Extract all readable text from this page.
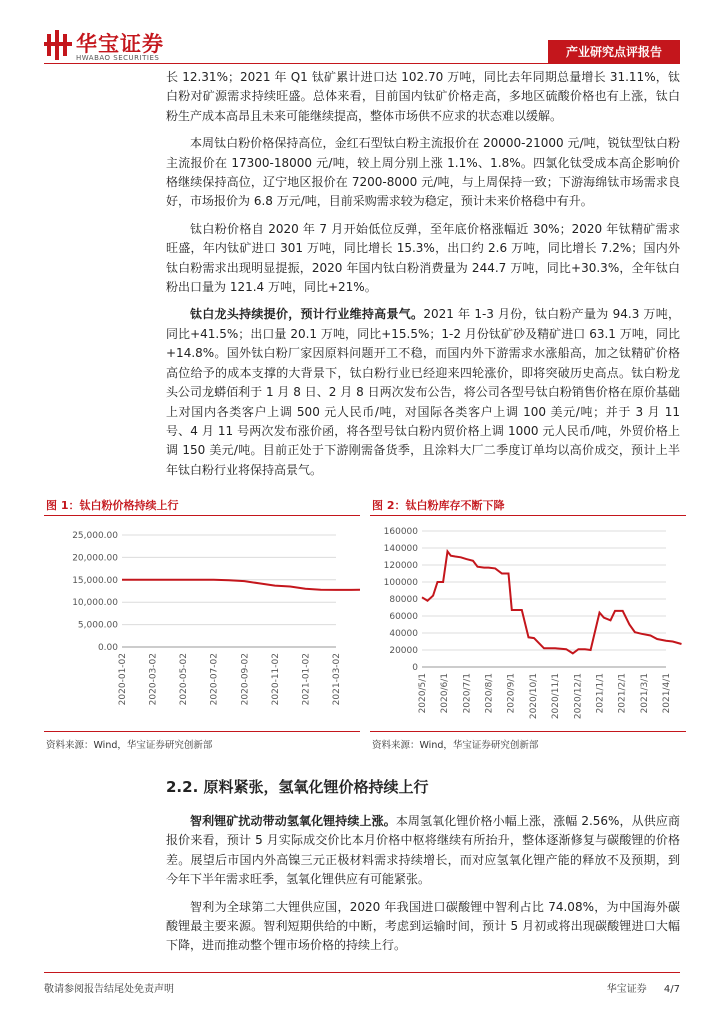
华宝证券
HWABAO SECURITIES	产业研究点评报告

长 12.31%；2021 年 Q1 钛矿累计进口达 102.70 万吨，同比去年同期总量增长 31.11%，钛白粉对矿源需求持续旺盛。总体来看，目前国内钛矿价格走高，多地区硫酸价格也有上涨，钛白粉生产成本高昂且未来可能继续提高，整体市场供不应求的状态难以缓解。

本周钛白粉价格保持高位，金红石型钛白粉主流报价在 20000-21000 元/吨，锐钛型钛白粉主流报价在 17300-18000 元/吨，较上周分别上涨 1.1%、1.8%。四氯化钛受成本高企影响价格继续保持高位，辽宁地区报价在 7200-8000 元/吨，与上周保持一致；下游海绵钛市场需求良好，市场报价为 6.8 万元/吨，目前采购需求较为稳定，预计未来价格稳中有升。

钛白粉价格自 2020 年 7 月开始低位反弹，至年底价格涨幅近 30%；2020 年钛精矿需求旺盛，年内钛矿进口 301 万吨，同比增长 15.3%，出口约 2.6 万吨，同比增长 7.2%；国内外钛白粉需求出现明显提振，2020 年国内钛白粉消费量为 244.7 万吨，同比+30.3%，全年钛白粉出口量为 121.4 万吨，同比+21%。

钛白龙头持续提价，预计行业维持高景气。2021 年 1-3 月份，钛白粉产量为 94.3 万吨，同比+41.5%；出口量 20.1 万吨，同比+15.5%；1-2 月份钛矿砂及精矿进口 63.1 万吨，同比+14.8%。国外钛白粉厂家因原料问题开工不稳，而国内外下游需求水涨船高，加之钛精矿价格高位给予的成本支撑的大背景下，钛白粉行业已经迎来四轮涨价，即将突破历史高点。钛白粉龙头公司龙蟒佰利于 1 月 8 日、2 月 8 日两次发布公告，将公司各型号钛白粉销售价格在原价基础上对国内各类客户上调 500 元人民币/吨，对国际各类客户上调 100 美元/吨；并于 3 月 11 号、4 月 11 号两次发布涨价函，将各型号钛白粉内贸价格上调 1000 元人民币/吨，外贸价格上调 150 美元/吨。目前正处于下游刚需备货季，且涂料大厂二季度订单均以高价成交，预计上半年钛白粉行业将保持高景气。

图 1：钛白粉价格持续上行
0.00
5,000.00
10,000.00
15,000.00
20,000.00
25,000.00
2020-01-02 2020-03-02 2020-05-02 2020-07-02 2020-09-02 2020-11-02 2021-01-02 2021-03-02
资料来源：Wind，华宝证券研究创新部
图 2：钛白粉库存不断下降
0
20000
40000
60000
80000
100000
120000
140000
160000
2020/5/1 2020/6/1 2020/7/1 2020/8/1 2020/9/1 2020/10/1 2020/11/1 2020/12/1 2021/1/1 2021/2/1 2021/3/1 2021/4/1
资料来源：Wind，华宝证券研究创新部
2.2. 原料紧张，氢氧化锂价格持续上行

智利锂矿扰动带动氢氧化锂持续上涨。本周氢氧化锂价格小幅上涨，涨幅 2.56%，从供应商报价来看，预计 5 月实际成交价比本月价格中枢将继续有所抬升，整体逐渐修复与碳酸锂的价格差。展望后市国内外高镍三元正极材料需求持续增长，而对应氢氧化锂产能的释放不及预期，到今年下半年需求旺季，氢氧化锂供应有可能紧张。

智利为全球第二大锂供应国，2020 年我国进口碳酸锂中智利占比 74.08%，为中国海外碳酸锂最主要来源。智利短期供给的中断，考虑到运输时间，预计 5 月初或将出现碳酸锂进口大幅下降，进而推动整个锂市场价格的持续上行。

敬请参阅报告结尾处免责声明	华宝证券 4/7
